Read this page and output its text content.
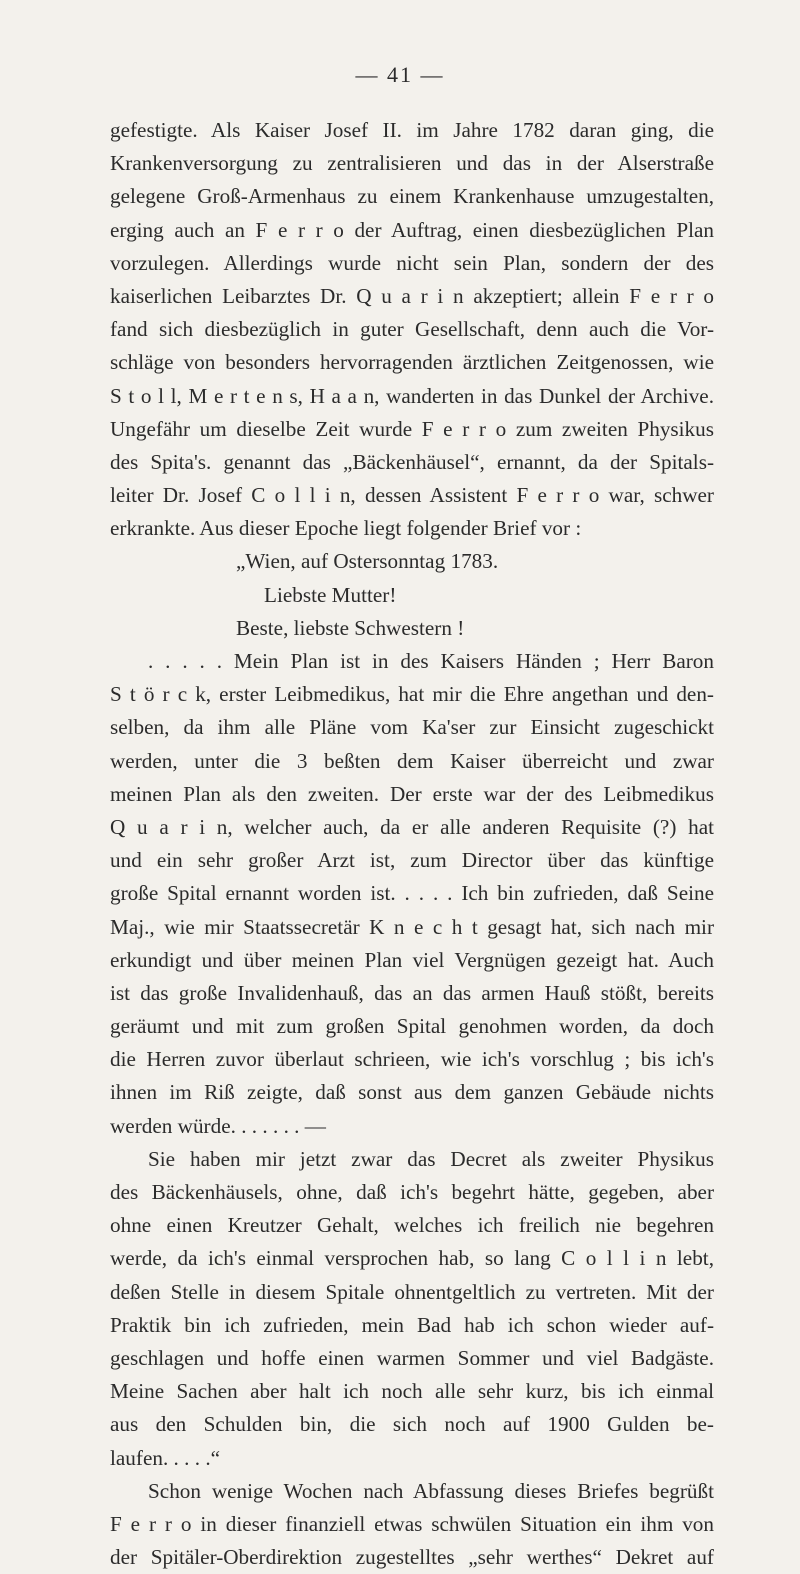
— 41 —
gefestigte. Als Kaiser Josef II. im Jahre 1782 daran ging, die
Krankenversorgung zu zentralisieren und das in der Alserstraße
gelegene Groß-Armenhaus zu einem Krankenhause umzugestalten,
erging auch an F e r r o der Auftrag, einen diesbezüglichen Plan
vorzulegen. Allerdings wurde nicht sein Plan, sondern der des
kaiserlichen Leibarztes Dr. Q u a r i n akzeptiert; allein F e r r o
fand sich diesbezüglich in guter Gesellschaft, denn auch die Vor-
schläge von besonders hervorragenden ärztlichen Zeitgenossen, wie
S t o l l, M e r t e n s, H a a n, wanderten in das Dunkel der Archive.
Ungefähr um dieselbe Zeit wurde F e r r o zum zweiten Physikus
des Spita's. genannt das „Bäckenhäusel“, ernannt, da der Spitals-
leiter Dr. Josef C o l l i n, dessen Assistent F e r r o war, schwer
erkrankte. Aus dieser Epoche liegt folgender Brief vor :
„Wien, auf Ostersonntag 1783.
Liebste Mutter!
Beste, liebste Schwestern !
. . . . . Mein Plan ist in des Kaisers Händen ; Herr Baron
S t ö r c k, erster Leibmedikus, hat mir die Ehre angethan und den-
selben, da ihm alle Pläne vom Ka'ser zur Einsicht zugeschickt
werden, unter die 3 beßten dem Kaiser überreicht und zwar
meinen Plan als den zweiten. Der erste war der des Leibmedikus
Q u a r i n, welcher auch, da er alle anderen Requisite (?) hat
und ein sehr großer Arzt ist, zum Director über das künftige
große Spital ernannt worden ist. . . . . Ich bin zufrieden, daß Seine
Maj., wie mir Staatssecretär K n e c h t gesagt hat, sich nach mir
erkundigt und über meinen Plan viel Vergnügen gezeigt hat. Auch
ist das große Invalidenhauß, das an das armen Hauß stößt, bereits
geräumt und mit zum großen Spital genohmen worden, da doch
die Herren zuvor überlaut schrieen, wie ich's vorschlug ; bis ich's
ihnen im Riß zeigte, daß sonst aus dem ganzen Gebäude nichts
werden würde. . . . . . . —
Sie haben mir jetzt zwar das Decret als zweiter Physikus
des Bäckenhäusels, ohne, daß ich's begehrt hätte, gegeben, aber
ohne einen Kreutzer Gehalt, welches ich freilich nie begehren
werde, da ich's einmal versprochen hab, so lang C o l l i n lebt,
deßen Stelle in diesem Spitale ohnentgeltlich zu vertreten. Mit der
Praktik bin ich zufrieden, mein Bad hab ich schon wieder auf-
geschlagen und hoffe einen warmen Sommer und viel Badgäste.
Meine Sachen aber halt ich noch alle sehr kurz, bis ich einmal
aus den Schulden bin, die sich noch auf 1900 Gulden be-
laufen. . . . .“
Schon wenige Wochen nach Abfassung dieses Briefes begrüßt
F e r r o in dieser finanziell etwas schwülen Situation ein ihm von
der Spitäler-Oberdirektion zugestelltes „sehr werthes“ Dekret auf
